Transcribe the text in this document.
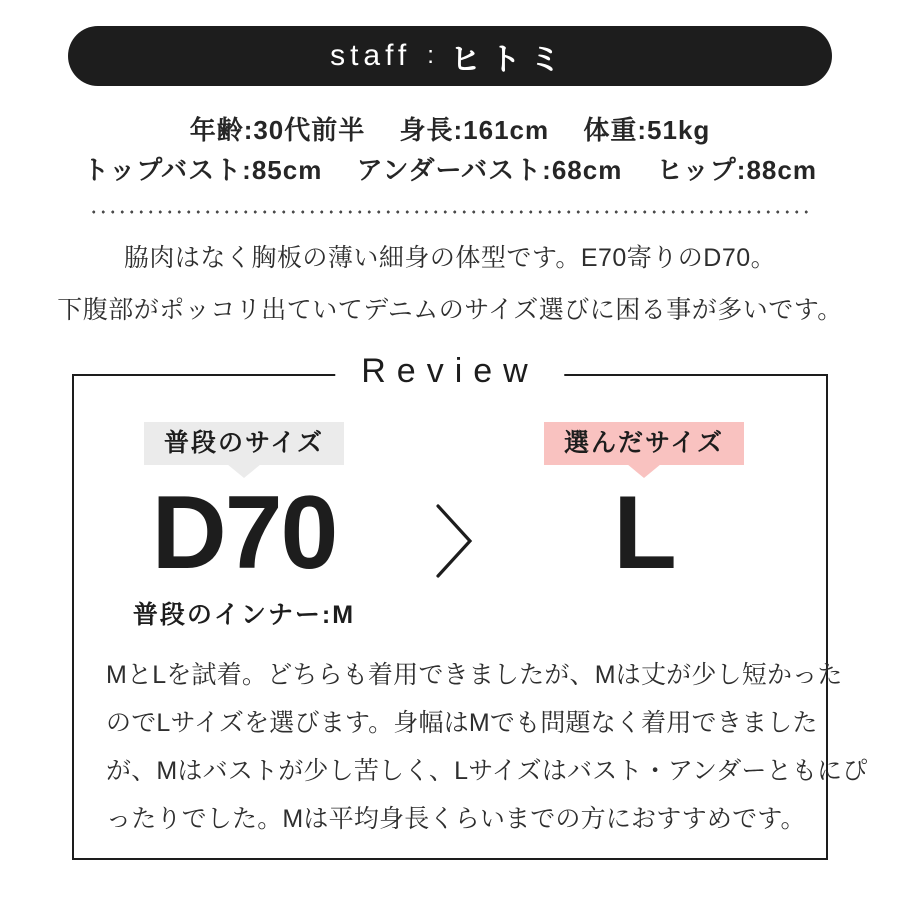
staff : ヒトミ
年齢:30代前半 身長:161cm 体重:51kg
トップバスト:85cm アンダーバスト:68cm ヒップ:88cm
脇肉はなく胸板の薄い細身の体型です。E70寄りのD70。
下腹部がポッコリ出ていてデニムのサイズ選びに困る事が多いです。
Review
普段のサイズ
D70
普段のインナー:M
選んだサイズ
L
MとLを試着。どちらも着用できましたが、Mは丈が少し短かった
のでLサイズを選びます。身幅はMでも問題なく着用できました
が、Mはバストが少し苦しく、Lサイズはバスト・アンダーともにぴ
ったりでした。Mは平均身長くらいまでの方におすすめです。
